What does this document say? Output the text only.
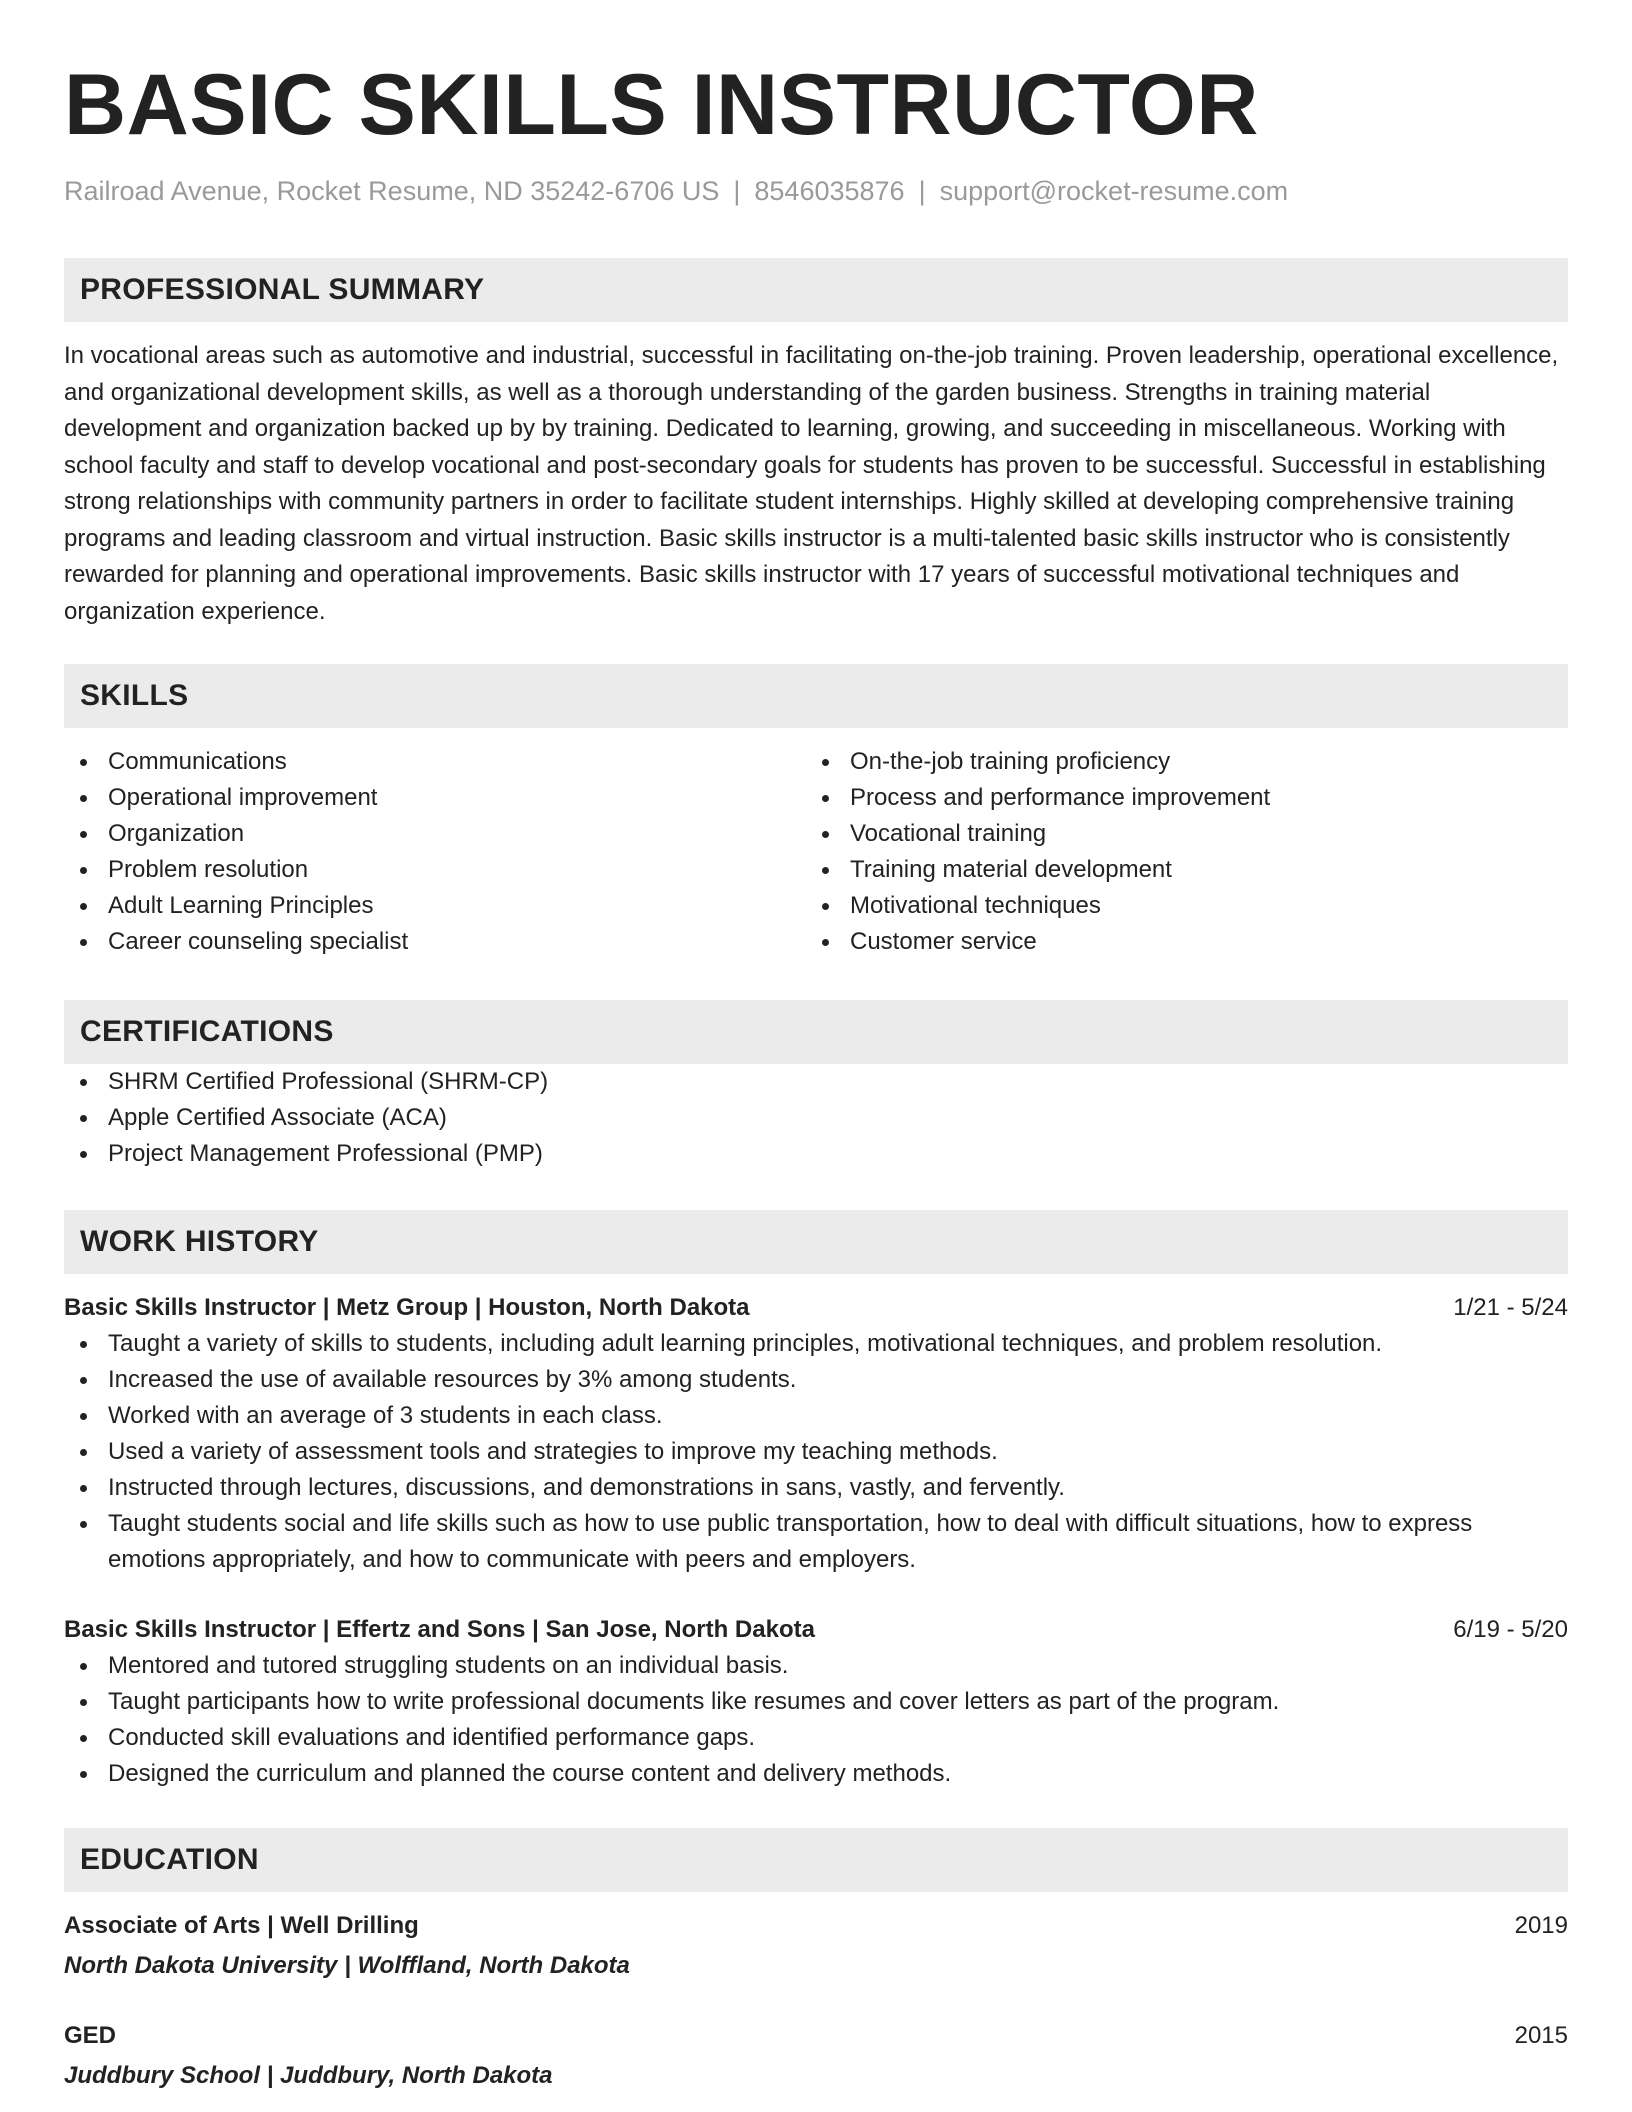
BASIC SKILLS INSTRUCTOR
Railroad Avenue, Rocket Resume, ND 35242-6706 US | 8546035876 | support@rocket-resume.com
PROFESSIONAL SUMMARY

In vocational areas such as automotive and industrial, successful in facilitating on-the-job training. Proven leadership, operational excellence, and organizational development skills, as well as a thorough understanding of the garden business. Strengths in training material development and organization backed up by by training. Dedicated to learning, growing, and succeeding in miscellaneous. Working with school faculty and staff to develop vocational and post-secondary goals for students has proven to be successful. Successful in establishing strong relationships with community partners in order to facilitate student internships. Highly skilled at developing comprehensive training programs and leading classroom and virtual instruction. Basic skills instructor is a multi-talented basic skills instructor who is consistently rewarded for planning and operational improvements. Basic skills instructor with 17 years of successful motivational techniques and organization experience.

SKILLS
Communications
Operational improvement
Organization
Problem resolution
Adult Learning Principles
Career counseling specialist
On-the-job training proficiency
Process and performance improvement
Vocational training
Training material development
Motivational techniques
Customer service
CERTIFICATIONS
SHRM Certified Professional (SHRM-CP)
Apple Certified Associate (ACA)
Project Management Professional (PMP)
WORK HISTORY
Basic Skills Instructor | Metz Group | Houston, North Dakota	1/21 - 5/24
Taught a variety of skills to students, including adult learning principles, motivational techniques, and problem resolution.
Increased the use of available resources by 3% among students.
Worked with an average of 3 students in each class.
Used a variety of assessment tools and strategies to improve my teaching methods.
Instructed through lectures, discussions, and demonstrations in sans, vastly, and fervently.
Taught students social and life skills such as how to use public transportation, how to deal with difficult situations, how to express emotions appropriately, and how to communicate with peers and employers.
Basic Skills Instructor | Effertz and Sons | San Jose, North Dakota	6/19 - 5/20
Mentored and tutored struggling students on an individual basis.
Taught participants how to write professional documents like resumes and cover letters as part of the program.
Conducted skill evaluations and identified performance gaps.
Designed the curriculum and planned the course content and delivery methods.
EDUCATION
Associate of Arts | Well Drilling	2019
North Dakota University | Wolffland, North Dakota
GED	2015
Juddbury School | Juddbury, North Dakota
